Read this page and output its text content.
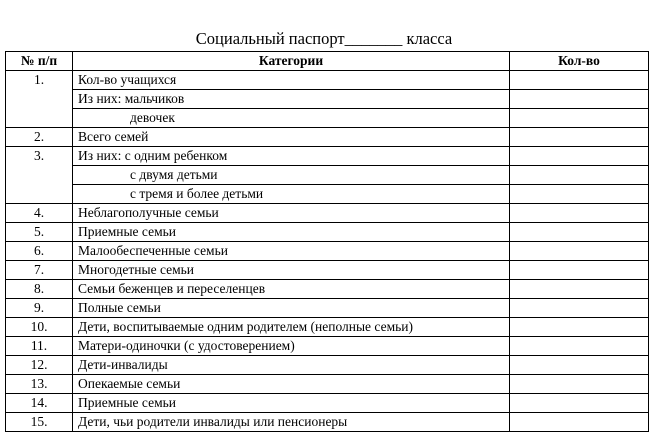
Социальный паспорт_______ класса
№ п/п	Категории	Кол-во
1.	Кол-во учащихся	
	Из них: мальчиков	
	девочек	
2.	Всего семей	
3.	Из них: с одним ребенком	
	с двумя детьми	
	с тремя и более детьми	
4.	Неблагополучные семьи	
5.	Приемные семьи	
6.	Малообеспеченные семьи	
7.	Многодетные семьи	
8.	Семьи беженцев и переселенцев	
9.	Полные семьи	
10.	Дети, воспитываемые одним родителем (неполные семьи)	
11.	Матери-одиночки (с удостоверением)	
12.	Дети-инвалиды	
13.	Опекаемые семьи	
14.	Приемные семьи	
15.	Дети, чьи родители инвалиды или пенсионеры	
